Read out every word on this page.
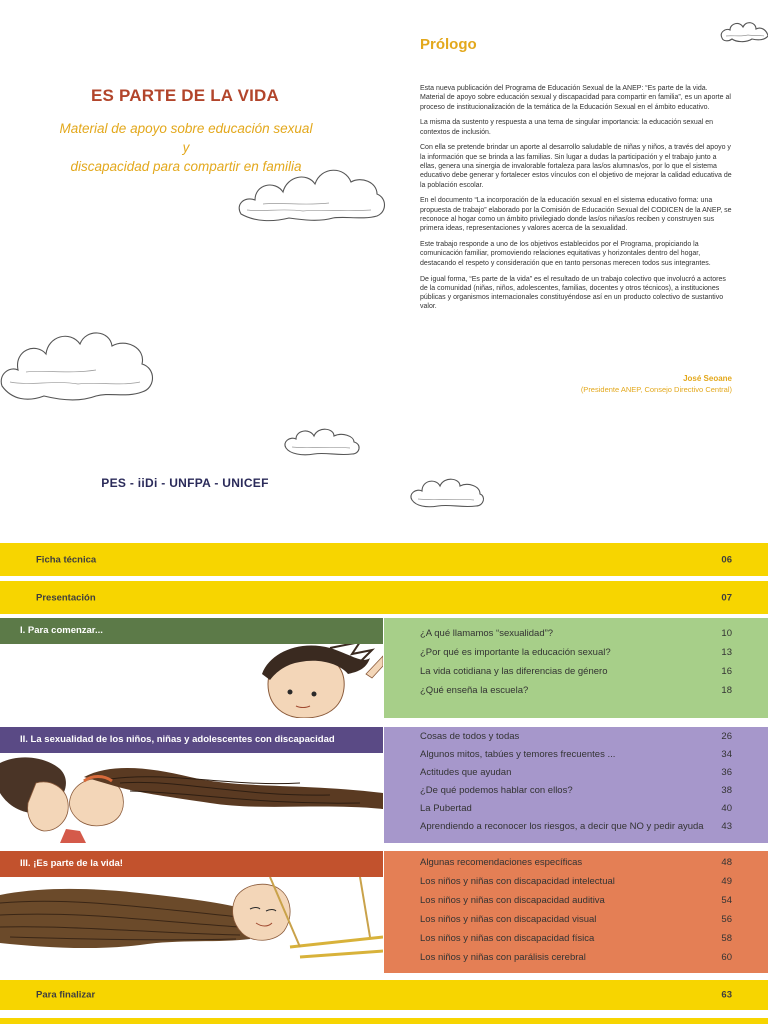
ES PARTE DE LA VIDA
Material de apoyo sobre educación sexual y
discapacidad para compartir en familia
PES - iiDi - UNFPA - UNICEF
Prólogo

Esta nueva publicación del Programa de Educación Sexual de la ANEP: “Es parte de la vida. Material de apoyo sobre educación sexual y discapacidad para compartir en familia”, es un aporte al proceso de institucionalización de la temática de la Educación Sexual en el ámbito educativo.

La misma da sustento y respuesta a una tema de singular importancia: la educación sexual en contextos de inclusión.

Con ella se pretende brindar un aporte al desarrollo saludable de niñas y niños, a través del apoyo y la información que se brinda a las familias. Sin lugar a dudas la participación y el trabajo junto a ellas, genera una sinergia de invalorable fortaleza para las/os alumnas/os, por lo que el sistema educativo debe generar y fortalecer estos vínculos con el objetivo de mejorar la calidad educativa de la población escolar.

En el documento “La incorporación de la educación sexual en el sistema educativo forma: una propuesta de trabajo” elaborado por la Comisión de Educación Sexual del CODICEN de la ANEP, se reconoce al hogar como un ámbito privilegiado donde las/os niñas/os reciben y construyen sus primera ideas, representaciones y valores acerca de la sexualidad.

Este trabajo responde a uno de los objetivos establecidos por el Programa, propiciando la comunicación familiar, promoviendo relaciones equitativas y horizontales dentro del hogar, destacando el respeto y consideración que en tanto personas merecen todos sus integrantes.

De igual forma, “Es parte de la vida” es el resultado de un trabajo colectivo que involucró a actores de la comunidad (niñas, niños, adolescentes, familias, docentes y otros técnicos), a instituciones públicas y organismos internacionales constituyéndose así en un producto colectivo de sustantivo valor.

José Seoane
(Presidente ANEP, Consejo Directivo Central)
Ficha técnica	06
Presentación	07
I. Para comenzar...	¿A qué llamamos “sexualidad”?	10
¿Por qué es importante la educación sexual?	13
La vida cotidiana y las diferencias de género	16
¿Qué enseña la escuela?	18
II. La sexualidad de los niños, niñas y adolescentes con discapacidad	Cosas de todos y todas	26
Algunos mitos, tabúes y temores frecuentes ...	34
Actitudes que ayudan	36
¿De qué podemos hablar con ellos?	38
La Pubertad	40
Aprendiendo a reconocer los riesgos, a decir que NO y pedir ayuda 43
III. ¡Es parte de la vida!	Algunas recomendaciones específicas	48
Los niños y niñas con discapacidad intelectual	49
Los niños y niñas con discapacidad auditiva	54
Los niños y niñas con discapacidad visual	56
Los niños y niñas con discapacidad física	58
Los niños y niñas con parálisis cerebral	60
Para finalizar	63
